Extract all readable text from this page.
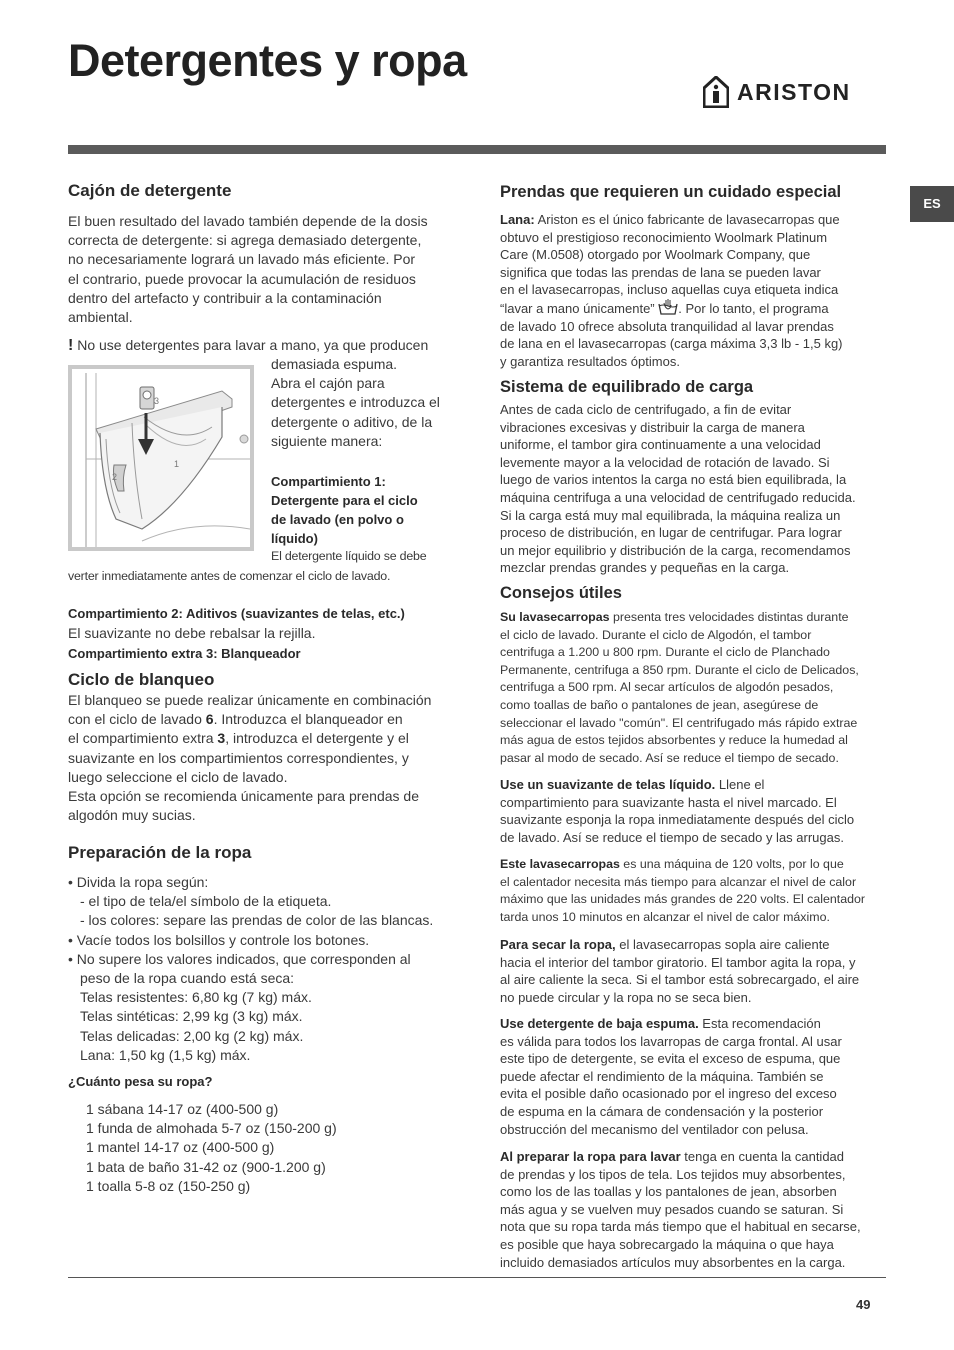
Detergentes y ropa
ARISTON
ES
Cajón de detergente
El buen resultado del lavado también depende de la dosis
correcta de detergente: si agrega demasiado detergente,
no necesariamente logrará un lavado más eficiente. Por
el contrario, puede provocar la acumulación de residuos
dentro del artefacto y contribuir a la contaminación
ambiental.
! No use detergentes para lavar a mano, ya que producen
demasiada espuma.
Abra el cajón para
detergentes e introduzca el
detergente o aditivo, de la
siguiente manera:
Compartimiento 1:
Detergente para el ciclo
de lavado (en polvo o
líquido)
El detergente líquido se debe
verter inmediatamente antes de comenzar el ciclo de lavado.
Compartimiento 2: Aditivos (suavizantes de telas, etc.)
El suavizante no debe rebalsar la rejilla.
Compartimiento extra 3: Blanqueador
Ciclo de blanqueo
El blanqueo se puede realizar únicamente en combinación
con el ciclo de lavado 6. Introduzca el blanqueador en
el compartimiento extra 3, introduzca el detergente y el
suavizante en los compartimientos correspondientes, y
luego seleccione el ciclo de lavado.
Esta opción se recomienda únicamente para prendas de
algodón muy sucias.
Preparación de la ropa
• Divida la ropa según:
- el tipo de tela/el símbolo de la etiqueta.
- los colores: separe las prendas de color de las blancas.
• Vacíe todos los bolsillos y controle los botones.
• No supere los valores indicados, que corresponden al
peso de la ropa cuando está seca:
Telas resistentes: 6,80 kg (7 kg) máx.
Telas sintéticas: 2,99 kg (3 kg) máx.
Telas delicadas: 2,00 kg (2 kg) máx.
Lana: 1,50 kg (1,5 kg) máx.
¿Cuánto pesa su ropa?
1 sábana 14-17 oz (400-500 g)
1 funda de almohada 5-7 oz (150-200 g)
1 mantel 14-17 oz (400-500 g)
1 bata de baño 31-42 oz (900-1.200 g)
1 toalla 5-8 oz (150-250 g)
3
2
1
Prendas que requieren un cuidado especial
Lana: Ariston es el único fabricante de lavasecarropas que
obtuvo el prestigioso reconocimiento Woolmark Platinum
Care (M.0508) otorgado por Woolmark Company, que
significa que todas las prendas de lana se pueden lavar
en el lavasecarropas, incluso aquellas cuya etiqueta indica
“lavar a mano únicamente” . Por lo tanto, el programa
de lavado 10 ofrece absoluta tranquilidad al lavar prendas
de lana en el lavasecarropas (carga máxima 3,3 lb - 1,5 kg)
y garantiza resultados óptimos.
Sistema de equilibrado de carga
Antes de cada ciclo de centrifugado, a fin de evitar
vibraciones excesivas y distribuir la carga de manera
uniforme, el tambor gira continuamente a una velocidad
levemente mayor a la velocidad de rotación de lavado. Si
luego de varios intentos la carga no está bien equilibrada, la
máquina centrifuga a una velocidad de centrifugado reducida.
Si la carga está muy mal equilibrada, la máquina realiza un
proceso de distribución, en lugar de centrifugar. Para lograr
un mejor equilibrio y distribución de la carga, recomendamos
mezclar prendas grandes y pequeñas en la carga.
Consejos útiles
Su lavasecarropas presenta tres velocidades distintas durante
el ciclo de lavado. Durante el ciclo de Algodón, el tambor
centrifuga a 1.200 u 800 rpm. Durante el ciclo de Planchado
Permanente, centrifuga a 850 rpm. Durante el ciclo de Delicados,
centrifuga a 500 rpm. Al secar artículos de algodón pesados,
como toallas de baño o pantalones de jean, asegúrese de
seleccionar el lavado "común". El centrifugado más rápido extrae
más agua de estos tejidos absorbentes y reduce la humedad al
pasar al modo de secado. Así se reduce el tiempo de secado.
Use un suavizante de telas líquido. Llene el
compartimiento para suavizante hasta el nivel marcado. El
suavizante esponja la ropa inmediatamente después del ciclo
de lavado. Así se reduce el tiempo de secado y las arrugas.
Este lavasecarropas es una máquina de 120 volts, por lo que
el calentador necesita más tiempo para alcanzar el nivel de calor
máximo que las unidades más grandes de 220 volts. El calentador
tarda unos 10 minutos en alcanzar el nivel de calor máximo.
Para secar la ropa, el lavasecarropas sopla aire caliente
hacia el interior del tambor giratorio. El tambor agita la ropa, y
al aire caliente la seca. Si el tambor está sobrecargado, el aire
no puede circular y la ropa no se seca bien.
Use detergente de baja espuma. Esta recomendación
es válida para todos los lavarropas de carga frontal. Al usar
este tipo de detergente, se evita el exceso de espuma, que
puede afectar el rendimiento de la máquina. También se
evita el posible daño ocasionado por el ingreso del exceso
de espuma en la cámara de condensación y la posterior
obstrucción del mecanismo del ventilador con pelusa.
Al preparar la ropa para lavar tenga en cuenta la cantidad
de prendas y los tipos de tela. Los tejidos muy absorbentes,
como los de las toallas y los pantalones de jean, absorben
más agua y se vuelven muy pesados cuando se saturan. Si
nota que su ropa tarda más tiempo que el habitual en secarse,
es posible que haya sobrecargado la máquina o que haya
incluido demasiados artículos muy absorbentes en la carga.
49
